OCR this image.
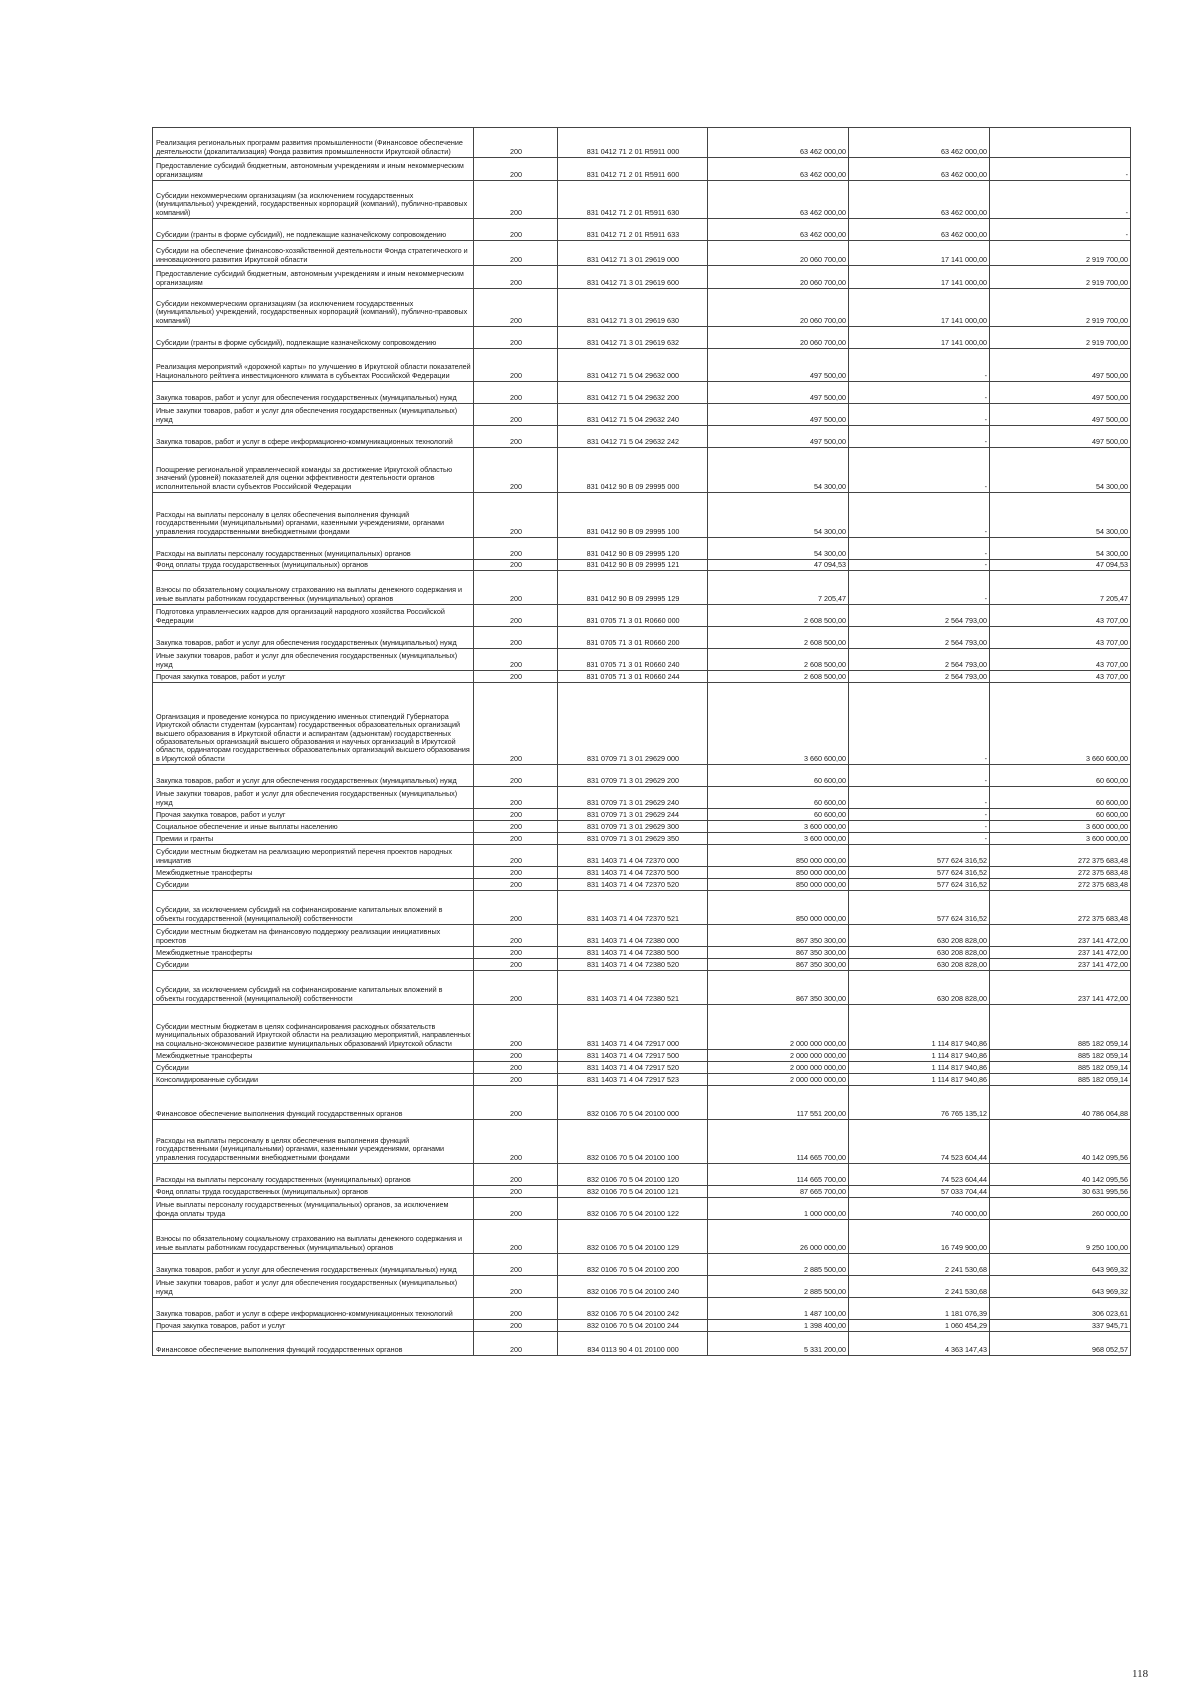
Реализация региональных программ развития промышленности (Финансовое обеспечение деятельности (докапитализация) Фонда развития промышленности Иркутской области)	200	831 0412 71 2 01 R5911 000	63 462 000,00	63 462 000,00	
Предоставление субсидий бюджетным, автономным учреждениям и иным некоммерческим организациям	200	831 0412 71 2 01 R5911 600	63 462 000,00	63 462 000,00	-
Субсидии некоммерческим организациям (за исключением государственных (муниципальных) учреждений, государственных корпораций (компаний), публично-правовых компаний)	200	831 0412 71 2 01 R5911 630	63 462 000,00	63 462 000,00	-
Субсидии (гранты в форме субсидий), не подлежащие казначейскому сопровождению	200	831 0412 71 2 01 R5911 633	63 462 000,00	63 462 000,00	-
Субсидии на обеспечение финансово-хозяйственной деятельности Фонда стратегического и инновационного развития Иркутской области	200	831 0412 71 3 01 29619 000	20 060 700,00	17 141 000,00	2 919 700,00
Предоставление субсидий бюджетным, автономным учреждениям и иным некоммерческим организациям	200	831 0412 71 3 01 29619 600	20 060 700,00	17 141 000,00	2 919 700,00
Субсидии некоммерческим организациям (за исключением государственных (муниципальных) учреждений, государственных корпораций (компаний), публично-правовых компаний)	200	831 0412 71 3 01 29619 630	20 060 700,00	17 141 000,00	2 919 700,00
Субсидии (гранты в форме субсидий), подлежащие казначейскому сопровождению	200	831 0412 71 3 01 29619 632	20 060 700,00	17 141 000,00	2 919 700,00
Реализация мероприятий «дорожной карты» по улучшению в Иркутской области показателей Национального рейтинга инвестиционного климата в субъектах Российской Федерации	200	831 0412 71 5 04 29632 000	497 500,00	-	497 500,00
Закупка товаров, работ и услуг для обеспечения государственных (муниципальных) нужд	200	831 0412 71 5 04 29632 200	497 500,00	-	497 500,00
Иные закупки товаров, работ и услуг для обеспечения государственных (муниципальных) нужд	200	831 0412 71 5 04 29632 240	497 500,00	-	497 500,00
Закупка товаров, работ и услуг в сфере информационно-коммуникационных технологий	200	831 0412 71 5 04 29632 242	497 500,00	-	497 500,00
Поощрение региональной управленческой команды за достижение Иркутской областью значений (уровней) показателей для оценки эффективности деятельности органов исполнительной власти субъектов Российской Федерации	200	831 0412 90 В 09 29995 000	54 300,00	-	54 300,00
Расходы на выплаты персоналу в целях обеспечения выполнения функций государственными (муниципальными) органами, казенными учреждениями, органами управления государственными внебюджетными фондами	200	831 0412 90 В 09 29995 100	54 300,00	-	54 300,00
Расходы на выплаты персоналу государственных (муниципальных) органов	200	831 0412 90 В 09 29995 120	54 300,00	-	54 300,00
Фонд оплаты труда государственных (муниципальных) органов	200	831 0412 90 В 09 29995 121	47 094,53	-	47 094,53
Взносы по обязательному социальному страхованию на выплаты денежного содержания и иные выплаты работникам государственных (муниципальных) органов	200	831 0412 90 В 09 29995 129	7 205,47	-	7 205,47
Подготовка управленческих кадров для организаций народного хозяйства Российской Федерации	200	831 0705 71 3 01 R0660 000	2 608 500,00	2 564 793,00	43 707,00
Закупка товаров, работ и услуг для обеспечения государственных (муниципальных) нужд	200	831 0705 71 3 01 R0660 200	2 608 500,00	2 564 793,00	43 707,00
Иные закупки товаров, работ и услуг для обеспечения государственных (муниципальных) нужд	200	831 0705 71 3 01 R0660 240	2 608 500,00	2 564 793,00	43 707,00
Прочая закупка товаров, работ и услуг	200	831 0705 71 3 01 R0660 244	2 608 500,00	2 564 793,00	43 707,00
Организация и проведение конкурса по присуждению именных стипендий Губернатора Иркутской области студентам (курсантам) государственных образовательных организаций высшего образования в Иркутской области и аспирантам (адъюнктам) государственных образовательных организаций высшего образования и научных организаций в Иркутской области, ординаторам государственных образовательных организаций высшего образования в Иркутской области	200	831 0709 71 3 01 29629 000	3 660 600,00	-	3 660 600,00
Закупка товаров, работ и услуг для обеспечения государственных (муниципальных) нужд	200	831 0709 71 3 01 29629 200	60 600,00	-	60 600,00
Иные закупки товаров, работ и услуг для обеспечения государственных (муниципальных) нужд	200	831 0709 71 3 01 29629 240	60 600,00	-	60 600,00
Прочая закупка товаров, работ и услуг	200	831 0709 71 3 01 29629 244	60 600,00	-	60 600,00
Социальное обеспечение и иные выплаты населению	200	831 0709 71 3 01 29629 300	3 600 000,00	-	3 600 000,00
Премии и гранты	200	831 0709 71 3 01 29629 350	3 600 000,00	-	3 600 000,00
Субсидии местным бюджетам на реализацию мероприятий перечня проектов народных инициатив	200	831 1403 71 4 04 72370 000	850 000 000,00	577 624 316,52	272 375 683,48
Межбюджетные трансферты	200	831 1403 71 4 04 72370 500	850 000 000,00	577 624 316,52	272 375 683,48
Субсидии	200	831 1403 71 4 04 72370 520	850 000 000,00	577 624 316,52	272 375 683,48
Субсидии, за исключением субсидий на софинансирование капитальных вложений в объекты государственной (муниципальной) собственности	200	831 1403 71 4 04 72370 521	850 000 000,00	577 624 316,52	272 375 683,48
Субсидии местным бюджетам на финансовую поддержку реализации инициативных проектов	200	831 1403 71 4 04 72380 000	867 350 300,00	630 208 828,00	237 141 472,00
Межбюджетные трансферты	200	831 1403 71 4 04 72380 500	867 350 300,00	630 208 828,00	237 141 472,00
Субсидии	200	831 1403 71 4 04 72380 520	867 350 300,00	630 208 828,00	237 141 472,00
Субсидии, за исключением субсидий на софинансирование капитальных вложений в объекты государственной (муниципальной) собственности	200	831 1403 71 4 04 72380 521	867 350 300,00	630 208 828,00	237 141 472,00
Субсидии местным бюджетам в целях софинансирования расходных обязательств муниципальных образований Иркутской области на реализацию мероприятий, направленных на социально-экономическое развитие муниципальных образований Иркутской области	200	831 1403 71 4 04 72917 000	2 000 000 000,00	1 114 817 940,86	885 182 059,14
Межбюджетные трансферты	200	831 1403 71 4 04 72917 500	2 000 000 000,00	1 114 817 940,86	885 182 059,14
Субсидии	200	831 1403 71 4 04 72917 520	2 000 000 000,00	1 114 817 940,86	885 182 059,14
Консолидированные субсидии	200	831 1403 71 4 04 72917 523	2 000 000 000,00	1 114 817 940,86	885 182 059,14
Финансовое обеспечение выполнения функций государственных органов	200	832 0106 70 5 04 20100 000	117 551 200,00	76 765 135,12	40 786 064,88
Расходы на выплаты персоналу в целях обеспечения выполнения функций государственными (муниципальными) органами, казенными учреждениями, органами управления государственными внебюджетными фондами	200	832 0106 70 5 04 20100 100	114 665 700,00	74 523 604,44	40 142 095,56
Расходы на выплаты персоналу государственных (муниципальных) органов	200	832 0106 70 5 04 20100 120	114 665 700,00	74 523 604,44	40 142 095,56
Фонд оплаты труда государственных (муниципальных) органов	200	832 0106 70 5 04 20100 121	87 665 700,00	57 033 704,44	30 631 995,56
Иные выплаты персоналу государственных (муниципальных) органов, за исключением фонда оплаты труда	200	832 0106 70 5 04 20100 122	1 000 000,00	740 000,00	260 000,00
Взносы по обязательному социальному страхованию на выплаты денежного содержания и иные выплаты работникам государственных (муниципальных) органов	200	832 0106 70 5 04 20100 129	26 000 000,00	16 749 900,00	9 250 100,00
Закупка товаров, работ и услуг для обеспечения государственных (муниципальных) нужд	200	832 0106 70 5 04 20100 200	2 885 500,00	2 241 530,68	643 969,32
Иные закупки товаров, работ и услуг для обеспечения государственных (муниципальных) нужд	200	832 0106 70 5 04 20100 240	2 885 500,00	2 241 530,68	643 969,32
Закупка товаров, работ и услуг в сфере информационно-коммуникационных технологий	200	832 0106 70 5 04 20100 242	1 487 100,00	1 181 076,39	306 023,61
Прочая закупка товаров, работ и услуг	200	832 0106 70 5 04 20100 244	1 398 400,00	1 060 454,29	337 945,71
Финансовое обеспечение выполнения функций государственных органов	200	834 0113 90 4 01 20100 000	5 331 200,00	4 363 147,43	968 052,57
118
